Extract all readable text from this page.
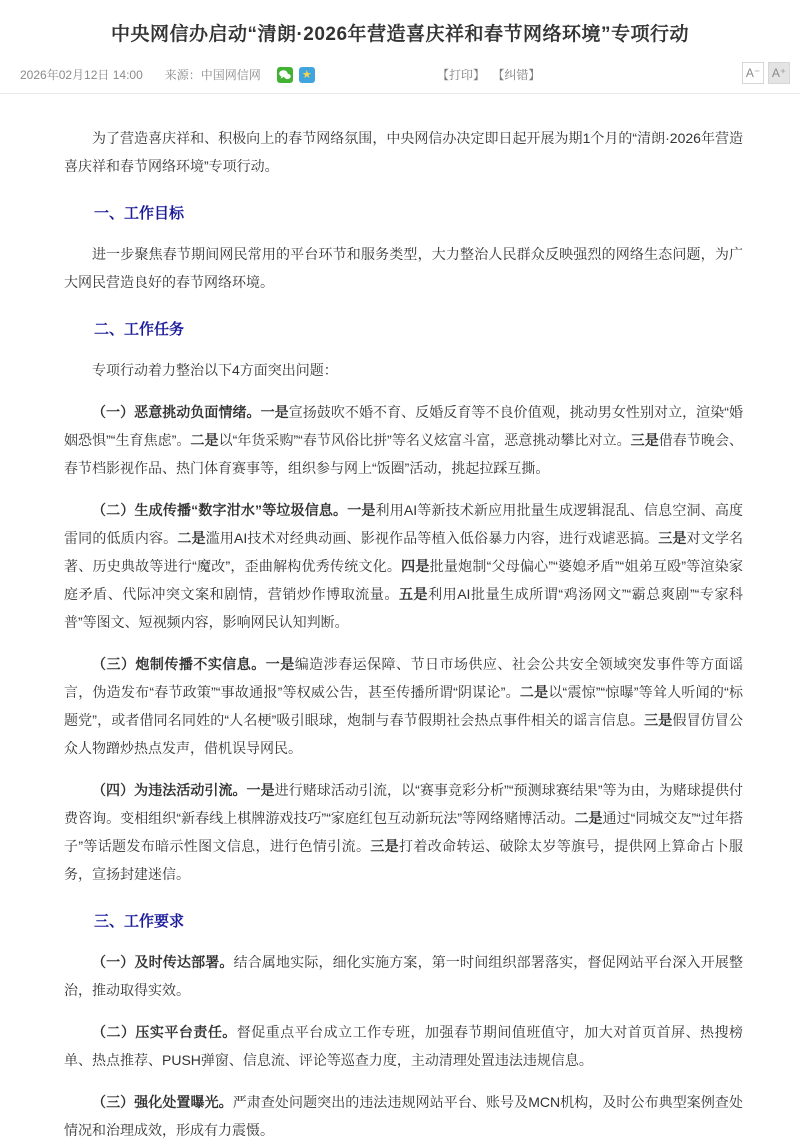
中央网信办启动“清朗·2026年营造喜庆祥和春节网络环境”专项行动
2026年02月12日 14:00 来源： 中国网信网	★	【打印】 【纠错】	A⁻ A⁺

为了营造喜庆祥和、积极向上的春节网络氛围，中央网信办决定即日起开展为期1个月的“清朗·2026年营造喜庆祥和春节网络环境”专项行动。

一、工作目标

进一步聚焦春节期间网民常用的平台环节和服务类型，大力整治人民群众反映强烈的网络生态问题，为广大网民营造良好的春节网络环境。

二、工作任务

专项行动着力整治以下4方面突出问题：

（一）恶意挑动负面情绪。一是宣扬鼓吹不婚不育、反婚反育等不良价值观，挑动男女性别对立，渲染“婚姻恐惧”“生育焦虑”。二是以“年货采购”“春节风俗比拼”等名义炫富斗富，恶意挑动攀比对立。三是借春节晚会、春节档影视作品、热门体育赛事等，组织参与网上“饭圈”活动，挑起拉踩互撕。

（二）生成传播“数字泔水”等垃圾信息。一是利用AI等新技术新应用批量生成逻辑混乱、信息空洞、高度雷同的低质内容。二是滥用AI技术对经典动画、影视作品等植入低俗暴力内容，进行戏谑恶搞。三是对文学名著、历史典故等进行“魔改”，歪曲解构优秀传统文化。四是批量炮制“父母偏心”“婆媳矛盾”“姐弟互殴”等渲染家庭矛盾、代际冲突文案和剧情，营销炒作博取流量。五是利用AI批量生成所谓“鸡汤网文”“霸总爽剧”“专家科普”等图文、短视频内容，影响网民认知判断。

（三）炮制传播不实信息。一是编造涉春运保障、节日市场供应、社会公共安全领域突发事件等方面谣言，伪造发布“春节政策”“事故通报”等权威公告，甚至传播所谓“阴谋论”。二是以“震惊”“惊曝”等耸人听闻的“标题党”，或者借同名同姓的“人名梗”吸引眼球，炮制与春节假期社会热点事件相关的谣言信息。三是假冒仿冒公众人物蹭炒热点发声，借机误导网民。

（四）为违法活动引流。一是进行赌球活动引流，以“赛事竞彩分析”“预测球赛结果”等为由，为赌球提供付费咨询。变相组织“新春线上棋牌游戏技巧”“家庭红包互动新玩法”等网络赌博活动。二是通过“同城交友”“过年搭子”等话题发布暗示性图文信息，进行色情引流。三是打着改命转运、破除太岁等旗号，提供网上算命占卜服务，宣扬封建迷信。

三、工作要求

（一）及时传达部署。结合属地实际，细化实施方案，第一时间组织部署落实，督促网站平台深入开展整治，推动取得实效。

（二）压实平台责任。督促重点平台成立工作专班，加强春节期间值班值守，加大对首页首屏、热搜榜单、热点推荐、PUSH弹窗、信息流、评论等巡查力度，主动清理处置违法违规信息。

（三）强化处置曝光。严肃查处问题突出的违法违规网站平台、账号及MCN机构，及时公布典型案例查处情况和治理成效，形成有力震慑。
